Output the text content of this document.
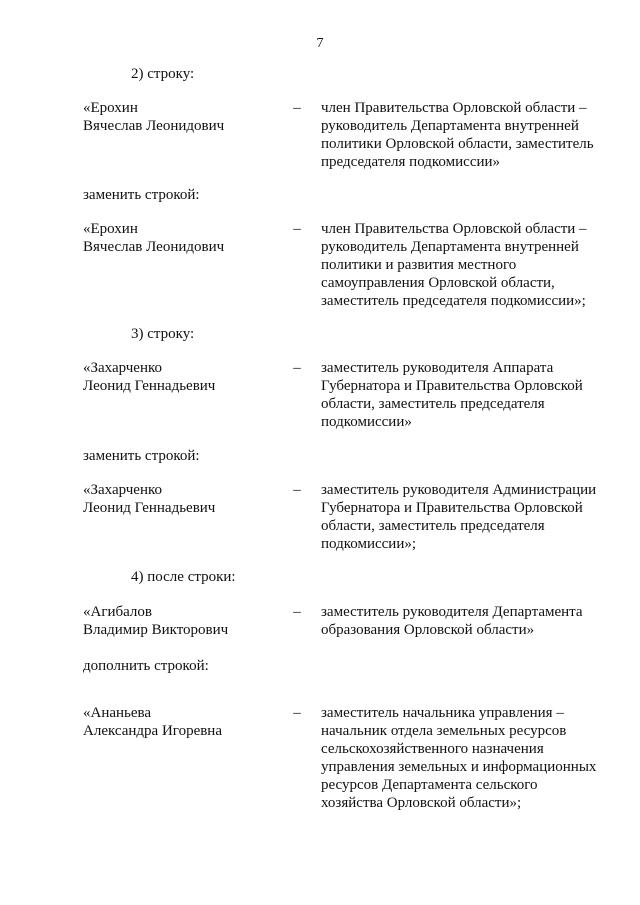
7
2) строку:
«Ерохин
Вячеслав Леонидович
– член Правительства Орловской области –
руководитель Департамента внутренней
политики Орловской области, заместитель
председателя подкомиссии»
заменить строкой:
«Ерохин
Вячеслав Леонидович
– член Правительства Орловской области –
руководитель Департамента внутренней
политики и развития местного
самоуправления Орловской области,
заместитель председателя подкомиссии»;
3) строку:
«Захарченко
Леонид Геннадьевич
– заместитель руководителя Аппарата
Губернатора и Правительства Орловской
области, заместитель председателя
подкомиссии»
заменить строкой:
«Захарченко
Леонид Геннадьевич
– заместитель руководителя Администрации
Губернатора и Правительства Орловской
области, заместитель председателя
подкомиссии»;
4) после строки:
«Агибалов
Владимир Викторович
– заместитель руководителя Департамента
образования Орловской области»
дополнить строкой:
«Ананьева
Александра Игоревна
– заместитель начальника управления –
начальник отдела земельных ресурсов
сельскохозяйственного назначения
управления земельных и информационных
ресурсов Департамента сельского
хозяйства Орловской области»;
